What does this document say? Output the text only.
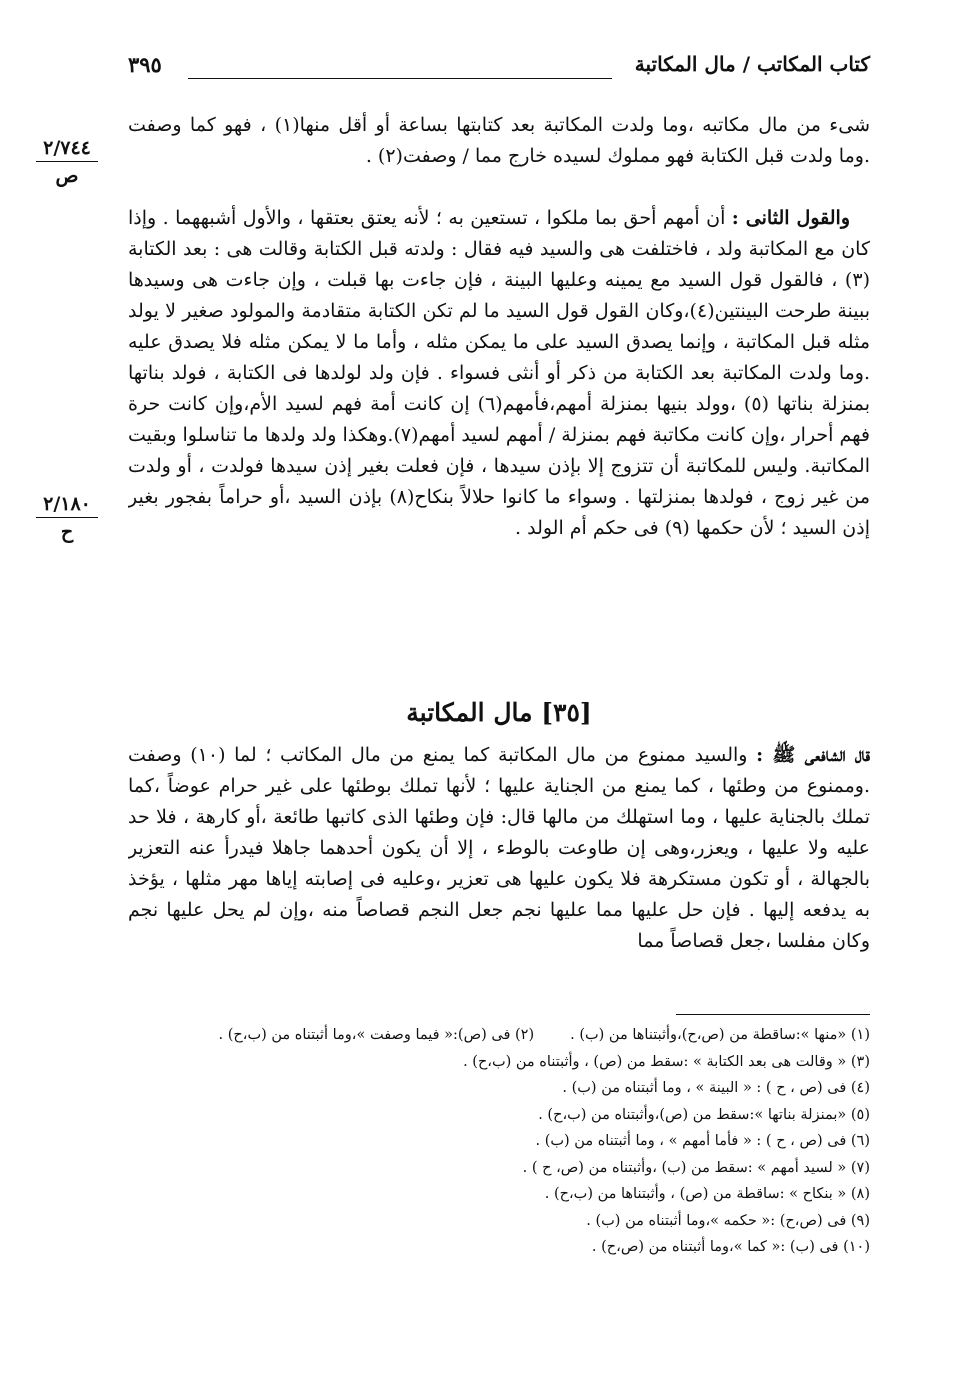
كتاب المكاتب / مال المكاتبة
٣٩٥
٢/٧٤٤
ص
٢/١٨٠
ح

شىء من مال مكاتبه ،وما ولدت المكاتبة بعد كتابتها بساعة أو أقل منها(١) ، فهو كما وصفت .وما ولدت قبل الكتابة فهو مملوك لسيده خارج مما / وصفت(٢) .

والقول الثانى : أن أمهم أحق بما ملكوا ، تستعين به ؛ لأنه يعتق بعتقها ، والأول أشبههما . وإذا كان مع المكاتبة ولد ، فاختلفت هى والسيد فيه فقال : ولدته قبل الكتابة وقالت هى : بعد الكتابة (٣) ، فالقول قول السيد مع يمينه وعليها البينة ، فإن جاءت بها قبلت ، وإن جاءت هى وسيدها ببينة طرحت البينتين(٤)،وكان القول قول السيد ما لم تكن الكتابة متقادمة والمولود صغير لا يولد مثله قبل المكاتبة ، وإنما يصدق السيد على ما يمكن مثله ، وأما ما لا يمكن مثله فلا يصدق عليه .وما ولدت المكاتبة بعد الكتابة من ذكر أو أنثى فسواء . فإن ولد لولدها فى الكتابة ، فولد بناتها بمنزلة بناتها (٥) ،وولد بنيها بمنزلة أمهم،فأمهم(٦) إن كانت أمة فهم لسيد الأم،وإن كانت حرة فهم أحرار ،وإن كانت مكاتبة فهم بمنزلة / أمهم لسيد أمهم(٧).وهكذا ولد ولدها ما تناسلوا وبقيت المكاتبة. وليس للمكاتبة أن تتزوج إلا بإذن سيدها ، فإن فعلت بغير إذن سيدها فولدت ، أو ولدت من غير زوج ، فولدها بمنزلتها . وسواء ما كانوا حلالاً بنكاح(٨) بإذن السيد ،أو حراماً بفجور بغير إذن السيد ؛ لأن حكمها (٩) فى حكم أم الولد .

[٣٥] مال المكاتبة

قال الشافعى ﷺ : والسيد ممنوع من مال المكاتبة كما يمنع من مال المكاتب ؛ لما (١٠) وصفت .وممنوع من وطئها ، كما يمنع من الجناية عليها ؛ لأنها تملك بوطئها على غير حرام عوضاً ،كما تملك بالجناية عليها ، وما استهلك من مالها قال: فإن وطئها الذى كاتبها طائعة ،أو كارهة ، فلا حد عليه ولا عليها ، ويعزر،وهى إن طاوعت بالوطء ، إلا أن يكون أحدهما جاهلا فيدرأ عنه التعزير بالجهالة ، أو تكون مستكرهة فلا يكون عليها هى تعزير ،وعليه فى إصابته إياها مهر مثلها ، يؤخذ به يدفعه إليها . فإن حل عليها مما عليها نجم جعل النجم قصاصاً منه ،وإن لم يحل عليها نجم وكان مفلسا ،جعل قصاصاً مما

(١) «منها »:ساقطة من (ص،ح)،وأثبتناها من (ب) .(٢) فى (ص):« فيما وصفت »،وما أثبتناه من (ب،ح) .
(٣) « وقالت هى بعد الكتابة » :سقط من (ص) ، وأثبتناه من (ب،ح) .
(٤) فى (ص ، ح ) : « البينة » ، وما أثبتناه من (ب) .
(٥) «بمنزلة بناتها »:سقط من (ص)،وأثبتناه من (ب،ح) .
(٦) فى (ص ، ح ) : « فأما أمهم » ، وما أثبتناه من (ب) .
(٧) « لسيد أمهم » :سقط من (ب) ،وأثبتناه من (ص، ح ) .
(٨) « بنكاح » :ساقطة من (ص) ، وأثبتناها من (ب،ح) .
(٩) فى (ص،ح) :« حكمه »،وما أثبتناه من (ب) .
(١٠) فى (ب) :« كما »،وما أثبتناه من (ص،ح) .
